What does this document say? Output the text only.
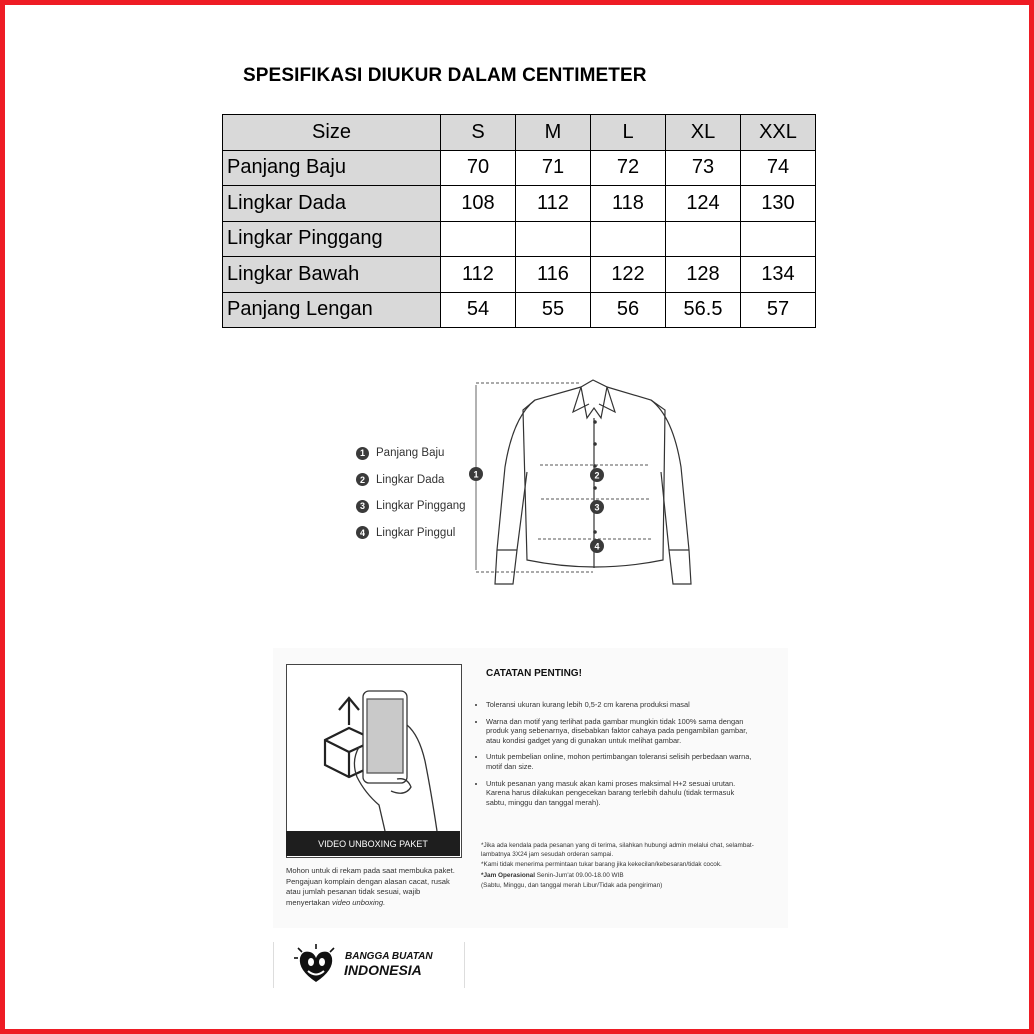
SPESIFIKASI DIUKUR DALAM CENTIMETER
Size	S	M	L	XL	XXL
Panjang Baju	70	71	72	73	74
Lingkar Dada	108	112	118	124	130
Lingkar Pinggang					
Lingkar Bawah	112	116	122	128	134
Panjang Lengan	54	55	56	56.5	57
1 Panjang Baju
2 Lingkar Dada
3 Lingkar Pinggang
4 Lingkar Pinggul
1	2
3
4
VIDEO UNBOXING PAKET
Mohon untuk di rekam pada saat membuka paket. Pengajuan komplain dengan alasan cacat, rusak atau jumlah pesanan tidak sesuai, wajib menyertakan video unboxing.
CATATAN PENTING!
• Toleransi ukuran kurang lebih 0,5-2 cm karena produksi masal
• Warna dan motif yang terlihat pada gambar mungkin tidak 100% sama dengan produk yang sebenarnya, disebabkan faktor cahaya pada pengambilan gambar, atau kondisi gadget yang di gunakan untuk melihat gambar.
• Untuk pembelian online, mohon pertimbangan toleransi selisih perbedaan warna, motif dan size.
• Untuk pesanan yang masuk akan kami proses maksimal H+2 sesuai urutan. Karena harus dilakukan pengecekan barang terlebih dahulu (tidak termasuk sabtu, minggu dan tanggal merah).

*Jika ada kendala pada pesanan yang di terima, silahkan hubungi admin melalui chat, selambat-lambatnya 3X24 jam sesudah orderan sampai.

*Kami tidak menerima permintaan tukar barang jika kekecilan/kebesaran/tidak cocok.

*Jam Operasional Senin-Jum'at 09.00-18.00 WIB

(Sabtu, Minggu, dan tanggal merah Libur/Tidak ada pengiriman)

BANGGA BUATAN
INDONESIA
